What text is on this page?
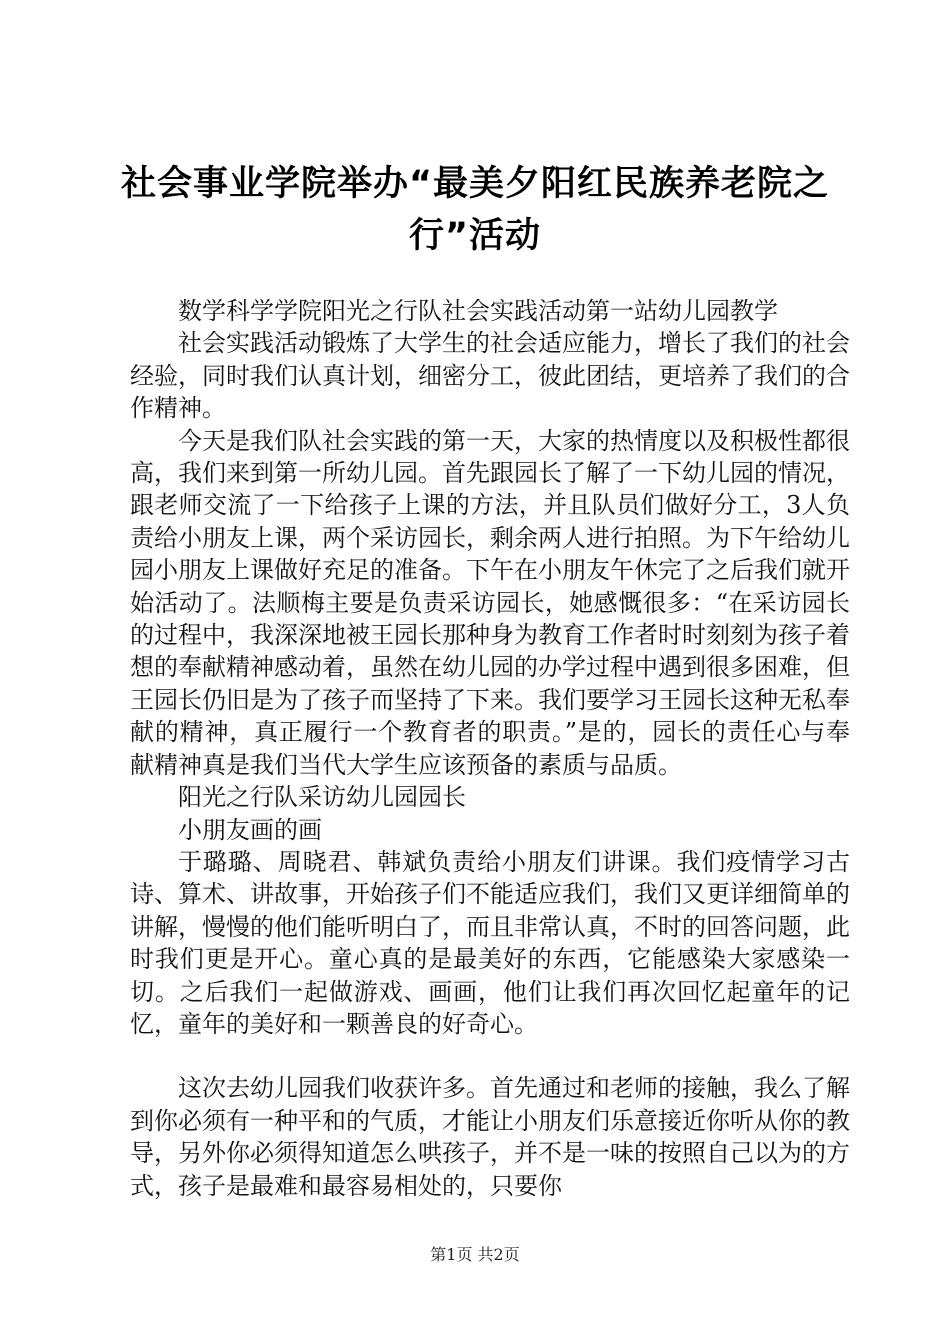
社会事业学院举办“最美夕阳红民族养老院之行”活动

数学科学学院阳光之行队社会实践活动第一站幼儿园教学

社会实践活动锻炼了大学生的社会适应能力，增长了我们的社会经验，同时我们认真计划，细密分工，彼此团结，更培养了我们的合作精神。

今天是我们队社会实践的第一天，大家的热情度以及积极性都很高，我们来到第一所幼儿园。首先跟园长了解了一下幼儿园的情况，跟老师交流了一下给孩子上课的方法，并且队员们做好分工，3人负责给小朋友上课，两个采访园长，剩余两人进行拍照。为下午给幼儿园小朋友上课做好充足的准备。下午在小朋友午休完了之后我们就开始活动了。法顺梅主要是负责采访园长，她感慨很多：“在采访园长的过程中，我深深地被王园长那种身为教育工作者时时刻刻为孩子着想的奉献精神感动着，虽然在幼儿园的办学过程中遇到很多困难，但王园长仍旧是为了孩子而坚持了下来。我们要学习王园长这种无私奉献的精神，真正履行一个教育者的职责。”是的，园长的责任心与奉献精神真是我们当代大学生应该预备的素质与品质。

阳光之行队采访幼儿园园长

小朋友画的画

于璐璐、周晓君、韩斌负责给小朋友们讲课。我们疫情学习古诗、算术、讲故事，开始孩子们不能适应我们，我们又更详细简单的讲解，慢慢的他们能听明白了，而且非常认真，不时的回答问题，此时我们更是开心。童心真的是最美好的东西，它能感染大家感染一切。之后我们一起做游戏、画画，他们让我们再次回忆起童年的记忆，童年的美好和一颗善良的好奇心。

这次去幼儿园我们收获许多。首先通过和老师的接触，我么了解到你必须有一种平和的气质，才能让小朋友们乐意接近你听从你的教导，另外你必须得知道怎么哄孩子，并不是一味的按照自己以为的方式，孩子是最难和最容易相处的，只要你

第1页 共2页
